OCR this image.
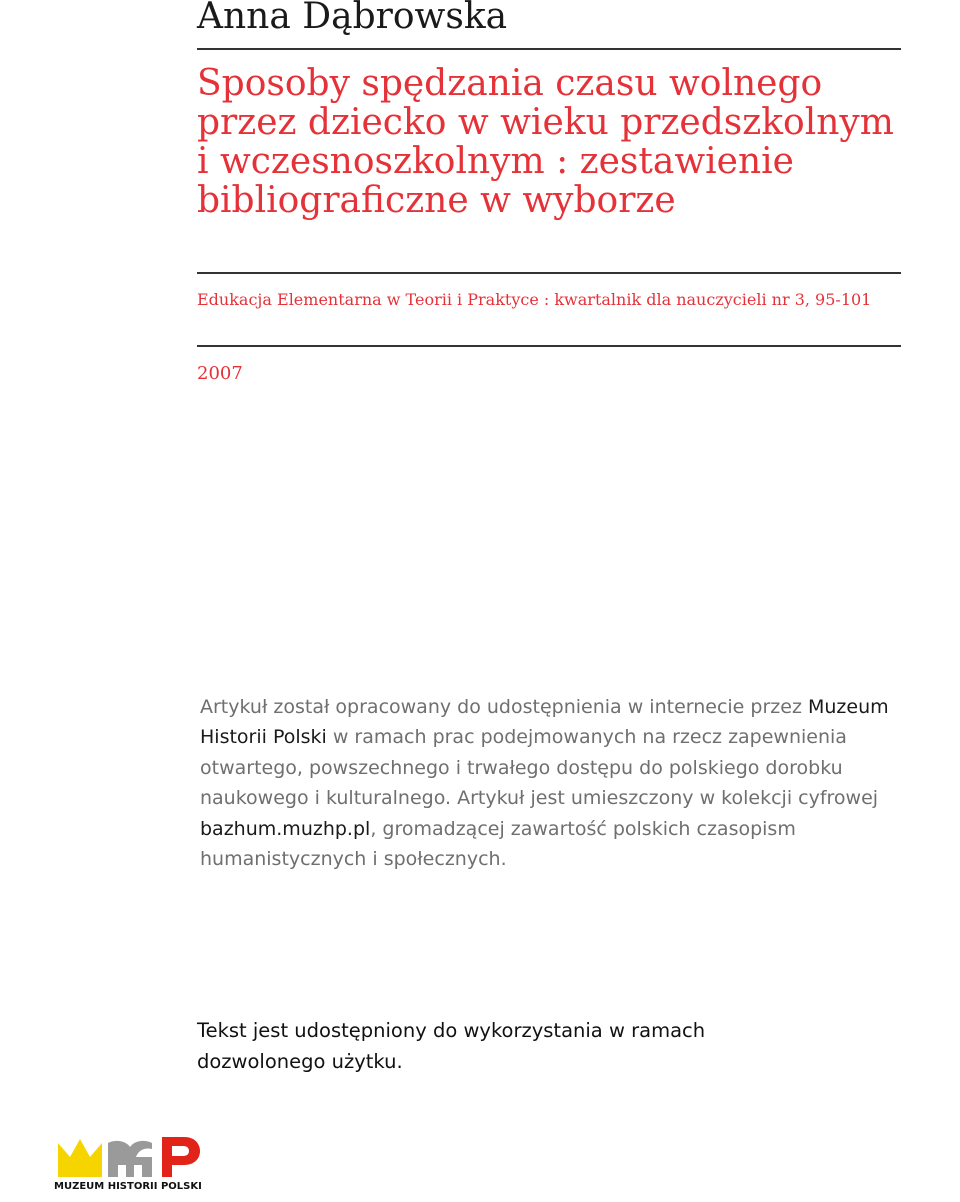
Anna Dąbrowska
Sposoby spędzania czasu wolnego przez dziecko w wieku przedszkolnym i wczesnoszkolnym : zestawienie bibliograficzne w wyborze
Edukacja Elementarna w Teorii i Praktyce : kwartalnik dla nauczycieli nr 3, 95-101
2007
Artykuł został opracowany do udostępnienia w internecie przez Muzeum Historii Polski w ramach prac podejmowanych na rzecz zapewnienia otwartego, powszechnego i trwałego dostępu do polskiego dorobku naukowego i kulturalnego. Artykuł jest umieszczony w kolekcji cyfrowej bazhum.muzhp.pl, gromadzącej zawartość polskich czasopism humanistycznych i społecznych.
Tekst jest udostępniony do wykorzystania w ramach dozwolonego użytku.
MUZEUM HISTORII POLSKI
